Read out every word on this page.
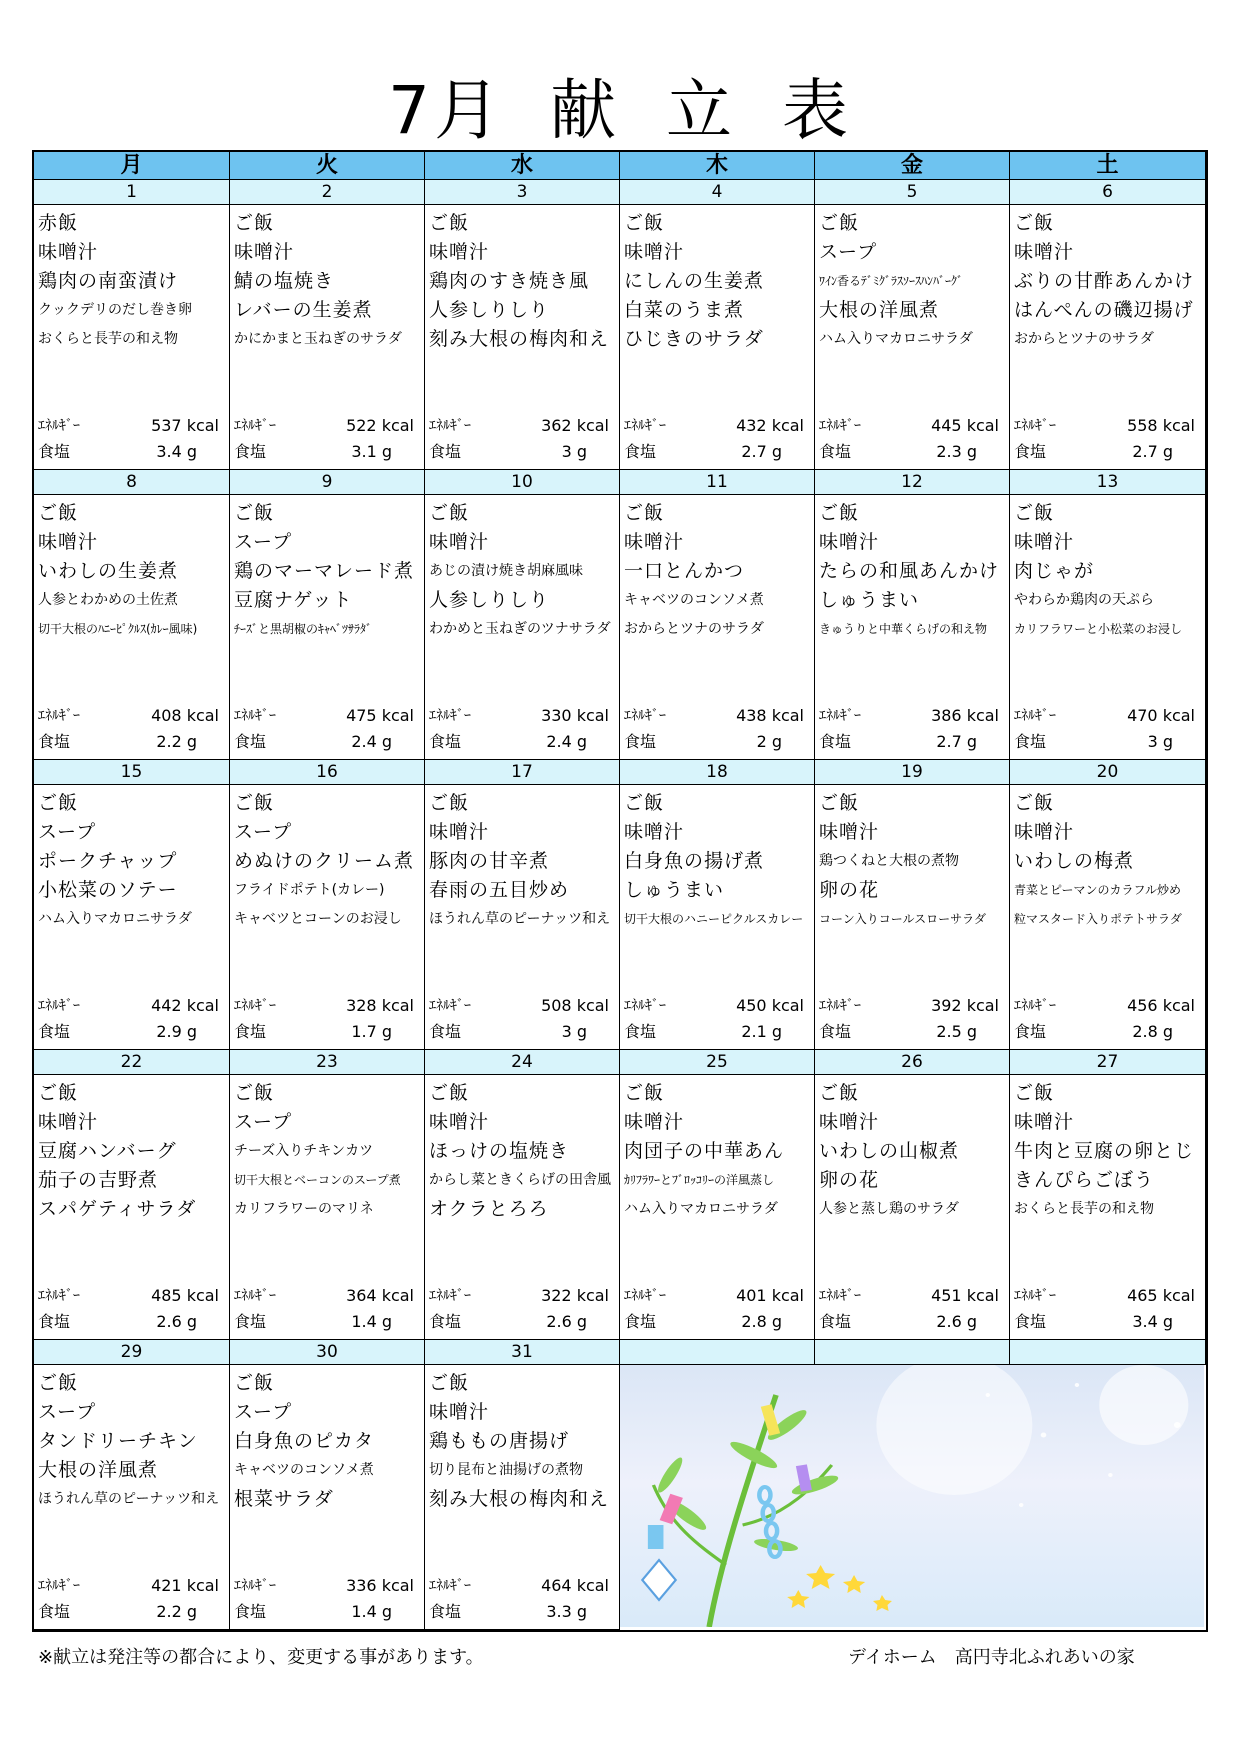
7月 献 立 表
月	火	水	木	金	土
1	2	3	4	5	6
赤飯
味噌汁
鶏肉の南蛮漬け
クックデリのだし巻き卵
おくらと長芋の和え物
ｴﾈﾙｷﾞｰ	537 kcal
食塩	3.4 g
ご飯
味噌汁
鯖の塩焼き
レバーの生姜煮
かにかまと玉ねぎのサラダ
ｴﾈﾙｷﾞｰ	522 kcal
食塩	3.1 g
ご飯
味噌汁
鶏肉のすき焼き風
人参しりしり
刻み大根の梅肉和え
ｴﾈﾙｷﾞｰ	362 kcal
食塩	3 g
ご飯
味噌汁
にしんの生姜煮
白菜のうま煮
ひじきのサラダ
ｴﾈﾙｷﾞｰ	432 kcal
食塩	2.7 g
ご飯
スープ
ﾜｲﾝ香るﾃﾞﾐｸﾞﾗｽｿｰｽﾊﾝﾊﾞｰｸﾞ
大根の洋風煮
ハム入りマカロニサラダ
ｴﾈﾙｷﾞｰ	445 kcal
食塩	2.3 g
ご飯
味噌汁
ぶりの甘酢あんかけ
はんぺんの磯辺揚げ
おからとツナのサラダ
ｴﾈﾙｷﾞｰ	558 kcal
食塩	2.7 g
8	9	10	11	12	13
ご飯
味噌汁
いわしの生姜煮
人参とわかめの土佐煮
切干大根のﾊﾆｰﾋﾟｸﾙｽ(ｶﾚｰ風味)
ｴﾈﾙｷﾞｰ	408 kcal
食塩	2.2 g
ご飯
スープ
鶏のマーマレード煮
豆腐ナゲット
ﾁｰｽﾞと黒胡椒のｷｬﾍﾞﾂｻﾗﾀﾞ
ｴﾈﾙｷﾞｰ	475 kcal
食塩	2.4 g
ご飯
味噌汁
あじの漬け焼き胡麻風味
人参しりしり
わかめと玉ねぎのツナサラダ
ｴﾈﾙｷﾞｰ	330 kcal
食塩	2.4 g
ご飯
味噌汁
一口とんかつ
キャベツのコンソメ煮
おからとツナのサラダ
ｴﾈﾙｷﾞｰ	438 kcal
食塩	2 g
ご飯
味噌汁
たらの和風あんかけ
しゅうまい
きゅうりと中華くらげの和え物
ｴﾈﾙｷﾞｰ	386 kcal
食塩	2.7 g
ご飯
味噌汁
肉じゃが
やわらか鶏肉の天ぷら
カリフラワーと小松菜のお浸し
ｴﾈﾙｷﾞｰ	470 kcal
食塩	3 g
15	16	17	18	19	20
ご飯
スープ
ポークチャップ
小松菜のソテー
ハム入りマカロニサラダ
ｴﾈﾙｷﾞｰ	442 kcal
食塩	2.9 g
ご飯
スープ
めぬけのクリーム煮
フライドポテト(カレー)
キャベツとコーンのお浸し
ｴﾈﾙｷﾞｰ	328 kcal
食塩	1.7 g
ご飯
味噌汁
豚肉の甘辛煮
春雨の五目炒め
ほうれん草のピーナッツ和え
ｴﾈﾙｷﾞｰ	508 kcal
食塩	3 g
ご飯
味噌汁
白身魚の揚げ煮
しゅうまい
切干大根のハニーピクルスカレー
ｴﾈﾙｷﾞｰ	450 kcal
食塩	2.1 g
ご飯
味噌汁
鶏つくねと大根の煮物
卵の花
コーン入りコールスローサラダ
ｴﾈﾙｷﾞｰ	392 kcal
食塩	2.5 g
ご飯
味噌汁
いわしの梅煮
青菜とピーマンのカラフル炒め
粒マスタード入りポテトサラダ
ｴﾈﾙｷﾞｰ	456 kcal
食塩	2.8 g
22	23	24	25	26	27
ご飯
味噌汁
豆腐ハンバーグ
茄子の吉野煮
スパゲティサラダ
ｴﾈﾙｷﾞｰ	485 kcal
食塩	2.6 g
ご飯
スープ
チーズ入りチキンカツ
切干大根とベーコンのスープ煮
カリフラワーのマリネ
ｴﾈﾙｷﾞｰ	364 kcal
食塩	1.4 g
ご飯
味噌汁
ほっけの塩焼き
からし菜ときくらげの田舎風
オクラとろろ
ｴﾈﾙｷﾞｰ	322 kcal
食塩	2.6 g
ご飯
味噌汁
肉団子の中華あん
ｶﾘﾌﾗﾜｰとﾌﾞﾛｯｺﾘｰの洋風蒸し
ハム入りマカロニサラダ
ｴﾈﾙｷﾞｰ	401 kcal
食塩	2.8 g
ご飯
味噌汁
いわしの山椒煮
卵の花
人参と蒸し鶏のサラダ
ｴﾈﾙｷﾞｰ	451 kcal
食塩	2.6 g
ご飯
味噌汁
牛肉と豆腐の卵とじ
きんぴらごぼう
おくらと長芋の和え物
ｴﾈﾙｷﾞｰ	465 kcal
食塩	3.4 g
29	30	31
ご飯
スープ
タンドリーチキン
大根の洋風煮
ほうれん草のピーナッツ和え
ｴﾈﾙｷﾞｰ	421 kcal
食塩	2.2 g
ご飯
スープ
白身魚のピカタ
キャベツのコンソメ煮
根菜サラダ
ｴﾈﾙｷﾞｰ	336 kcal
食塩	1.4 g
ご飯
味噌汁
鶏ももの唐揚げ
切り昆布と油揚げの煮物
刻み大根の梅肉和え
ｴﾈﾙｷﾞｰ	464 kcal
食塩	3.3 g
※献立は発注等の都合により、変更する事があります。	デイホーム　高円寺北ふれあいの家
